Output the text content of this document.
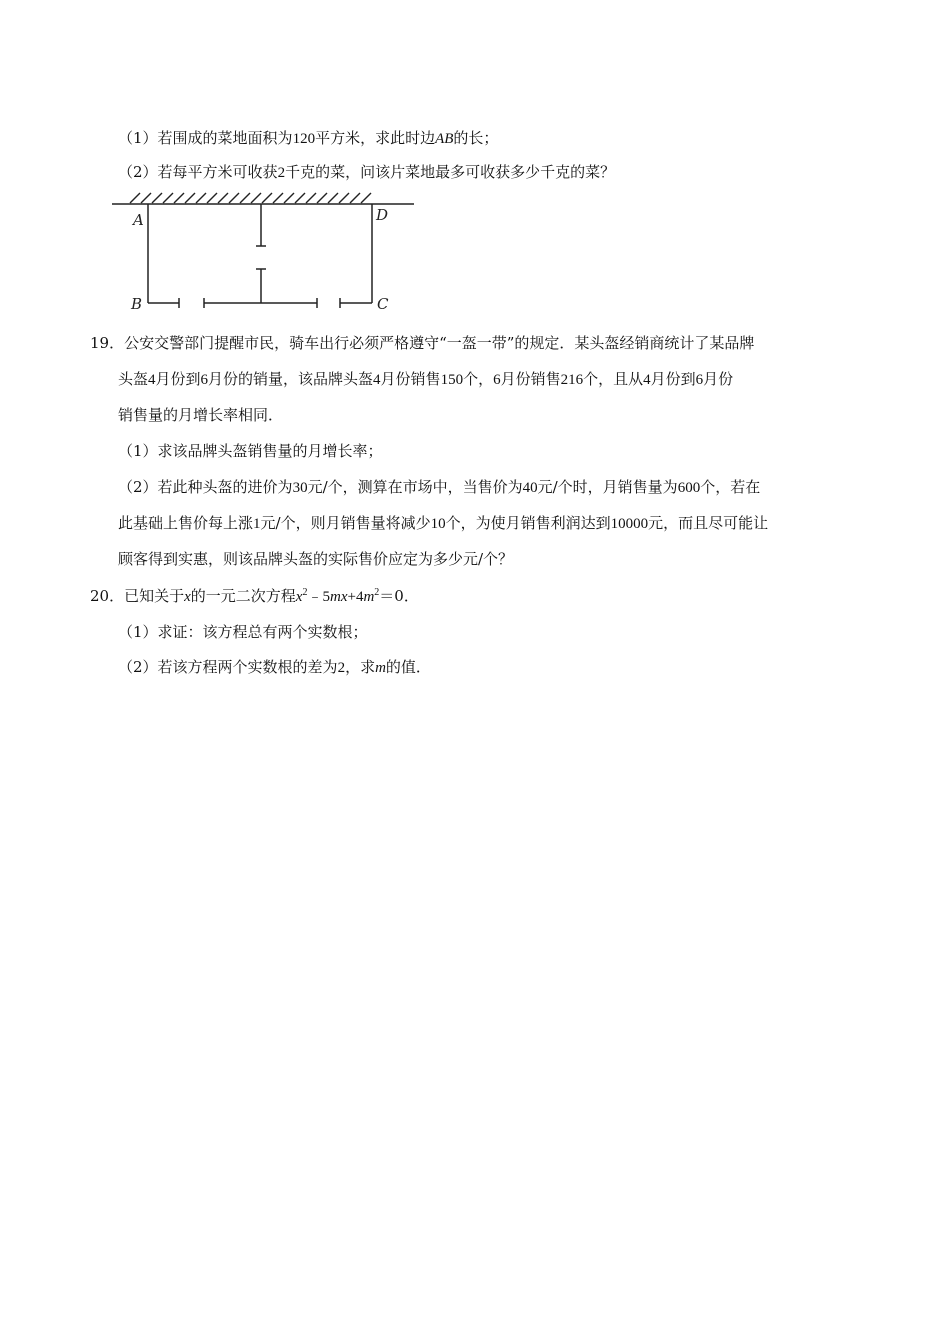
（1）若围成的菜地面积为120平方米，求此时边AB的长；
（2）若每平方米可收获2千克的菜，问该片菜地最多可收获多少千克的菜？
A
B	C
D
19．公安交警部门提醒市民，骑车出行必须严格遵守“一盔一带”的规定．某头盔经销商统计了某品牌
头盔4月份到6月份的销量，该品牌头盔4月份销售150个，6月份销售216个，且从4月份到6月份
销售量的月增长率相同．
（1）求该品牌头盔销售量的月增长率；
（2）若此种头盔的进价为30元/个，测算在市场中，当售价为40元/个时，月销售量为600个，若在
此基础上售价每上涨1元/个，则月销售量将减少10个，为使月销售利润达到10000元，而且尽可能让
顾客得到实惠，则该品牌头盔的实际售价应定为多少元/个？
20．已知关于x的一元二次方程$x^2﹣5mx+4m^2=0$．
（1）求证：该方程总有两个实数根；
（2）若该方程两个实数根的差为2，求m的值．
